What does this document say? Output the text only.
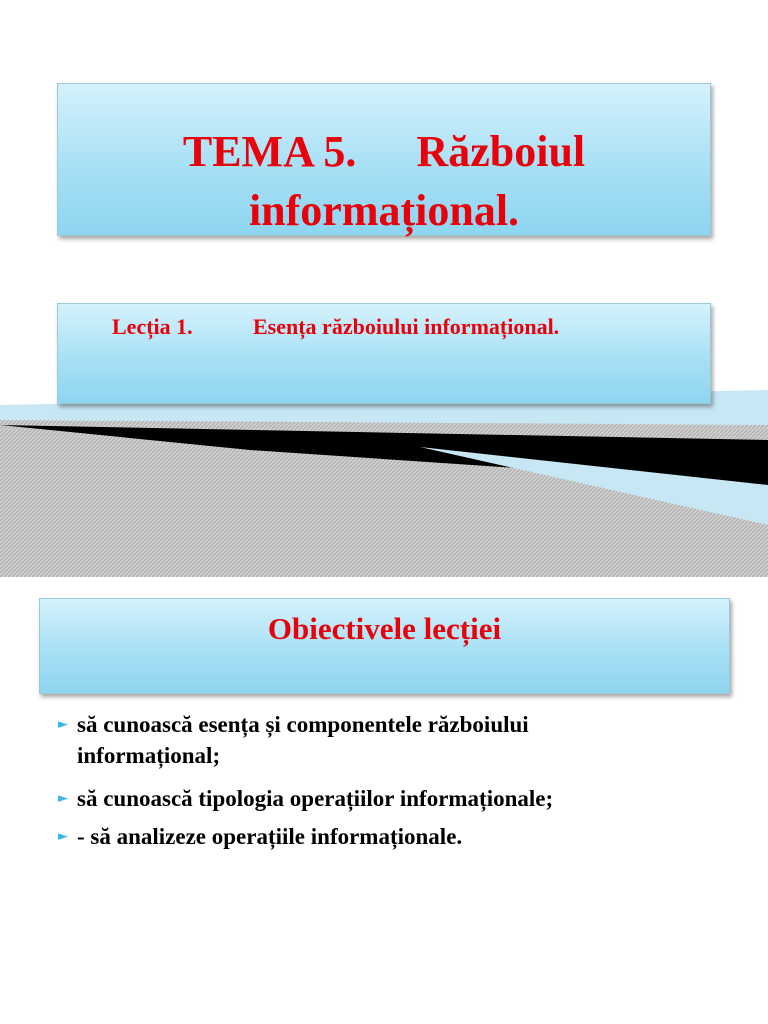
TEMA 5. Războiul
informațional.
Lecția 1.	Esența războiului informațional.
Obiectivele lecției
► să cunoască esența și componentele războiului
informațional;
► să cunoască tipologia operațiilor informaționale;
► - să analizeze operațiile informaționale.
